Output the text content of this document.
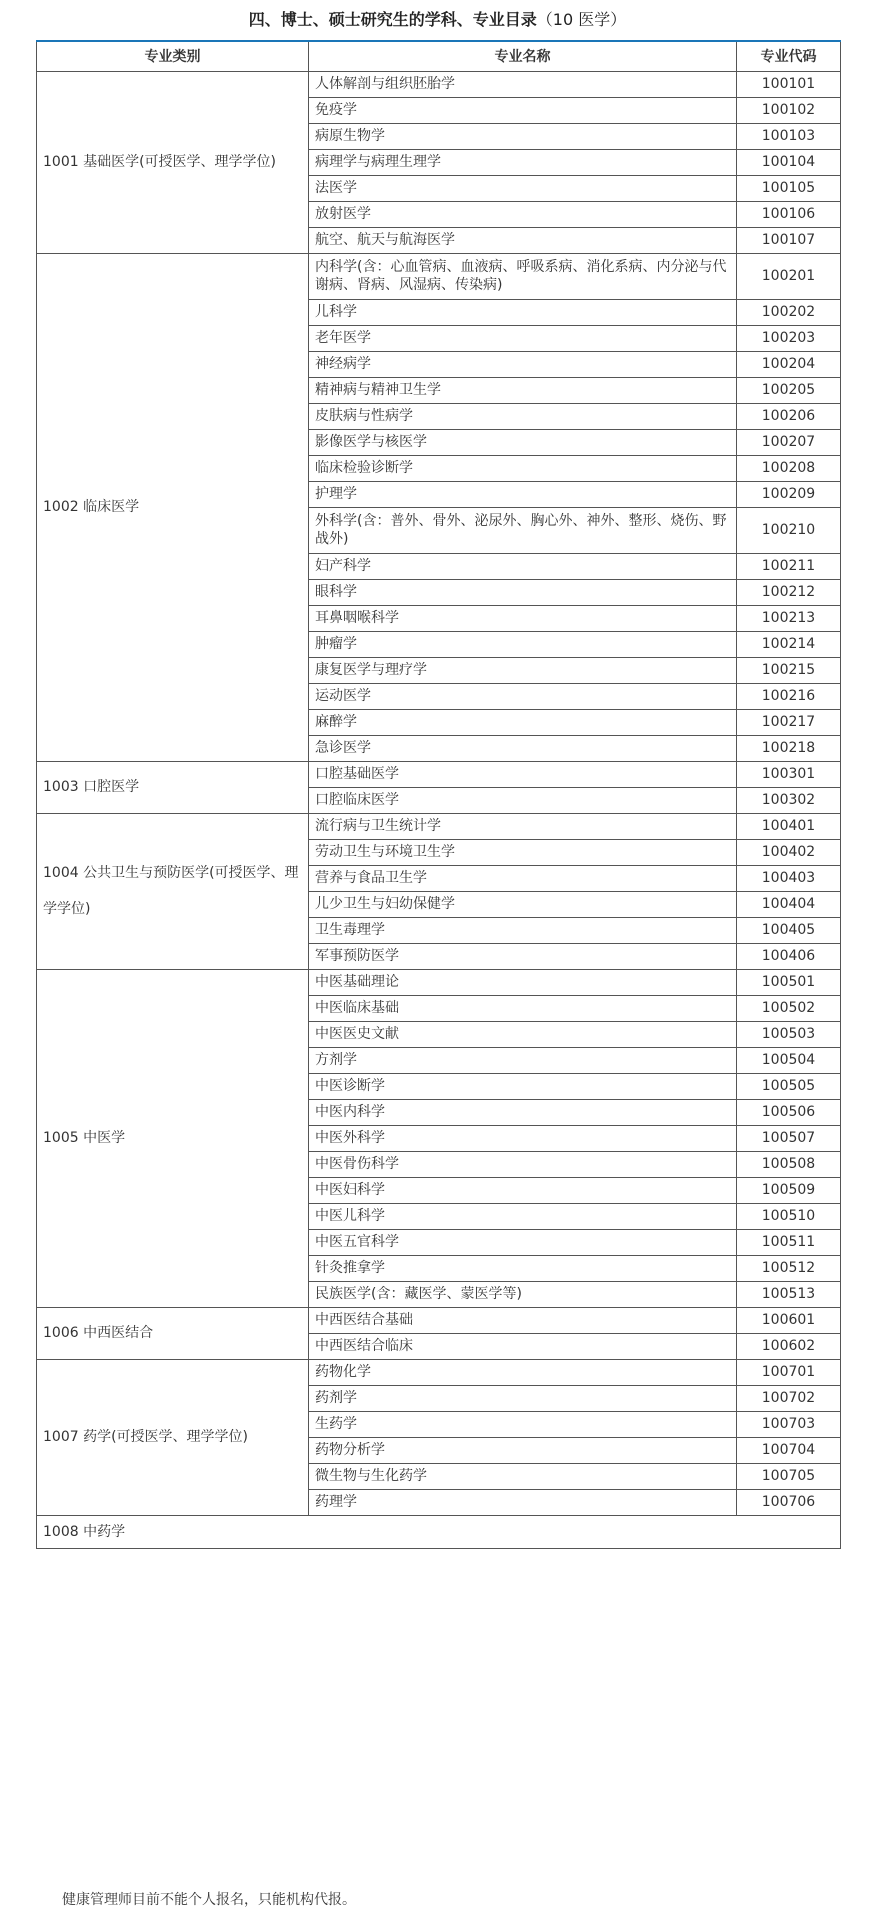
四、博士、硕士研究生的学科、专业目录（10 医学）
专业类别	专业名称	专业代码
1001 基础医学(可授医学、理学学位)	人体解剖与组织胚胎学	100101
	免疫学	100102
	病原生物学	100103
	病理学与病理生理学	100104
	法医学	100105
	放射医学	100106
	航空、航天与航海医学	100107
1002 临床医学	内科学(含：心血管病、血液病、呼吸系病、消化系病、内分泌与代谢病、肾病、风湿病、传染病)	100201
	儿科学	100202
	老年医学	100203
	神经病学	100204
	精神病与精神卫生学	100205
	皮肤病与性病学	100206
	影像医学与核医学	100207
	临床检验诊断学	100208
	护理学	100209
	外科学(含：普外、骨外、泌尿外、胸心外、神外、整形、烧伤、野战外)	100210
	妇产科学	100211
	眼科学	100212
	耳鼻咽喉科学	100213
	肿瘤学	100214
	康复医学与理疗学	100215
	运动医学	100216
	麻醉学	100217
	急诊医学	100218
1003 口腔医学	口腔基础医学	100301
	口腔临床医学	100302
1004 公共卫生与预防医学(可授医学、理学学位)	流行病与卫生统计学	100401
	劳动卫生与环境卫生学	100402
	营养与食品卫生学	100403
	儿少卫生与妇幼保健学	100404
	卫生毒理学	100405
	军事预防医学	100406
1005 中医学	中医基础理论	100501
	中医临床基础	100502
	中医医史文献	100503
	方剂学	100504
	中医诊断学	100505
	中医内科学	100506
	中医外科学	100507
	中医骨伤科学	100508
	中医妇科学	100509
	中医儿科学	100510
	中医五官科学	100511
	针灸推拿学	100512
	民族医学(含：藏医学、蒙医学等)	100513
1006 中西医结合	中西医结合基础	100601
	中西医结合临床	100602
1007 药学(可授医学、理学学位)	药物化学	100701
	药剂学	100702
	生药学	100703
	药物分析学	100704
	微生物与生化药学	100705
	药理学	100706
1008 中药学		
健康管理师目前不能个人报名，只能机构代报。
